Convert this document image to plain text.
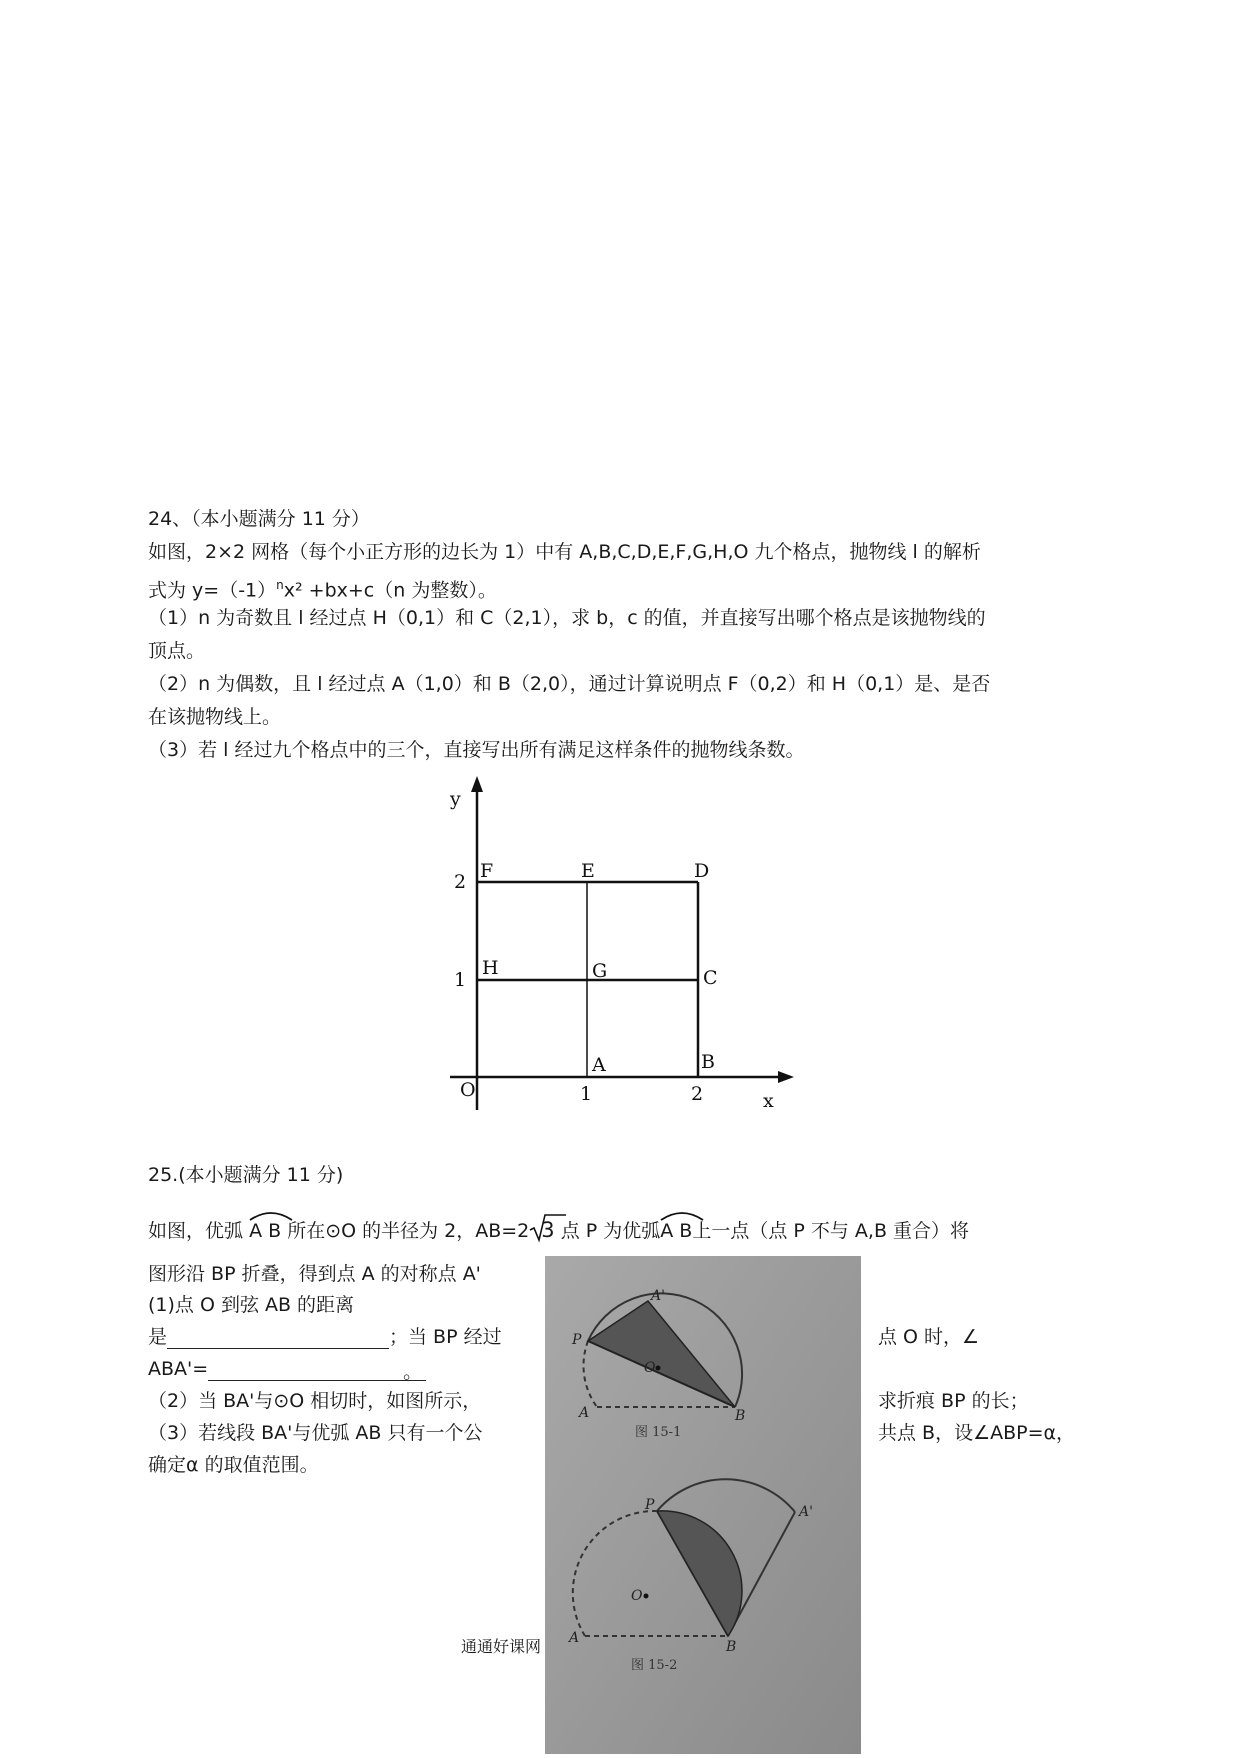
24、（本小题满分 11 分）
如图，2×2 网格（每个小正方形的边长为 1）中有 A,B,C,D,E,F,G,H,O 九个格点，抛物线 l 的解析
式为 $y=(-1)^nx^2 +bx+c(n$ 为整数）。
（1）n 为奇数且 l 经过点 H（0,1）和 C（2,1），求 b，c 的值，并直接写出哪个格点是该抛物线的
顶点。
（2）n 为偶数，且 l 经过点 A（1,0）和 B（2,0），通过计算说明点 F（0,2）和 H（0,1）是、是否
在该抛物线上。
（3）若 l 经过九个格点中的三个，直接写出所有满足这样条件的抛物线条数。
y
x
O
2
1
1	2
F	E	D
H	G	C
A	B
25.(本小题满分 11 分)
如图，优弧 A B 所在⊙O 的半径为 2，AB=2 3 点 P 为优弧
A B上一点（点 P 不与 A,B 重合）将
图形沿 BP 折叠，得到点 A 的对称点 A'
(1)点 O 到弦 AB 的距离
是	；当 BP 经过	点 O 时，∠
ABA'=	。
（2）当 BA'与⊙O 相切时，如图所示，	求折痕 BP 的长；
（3）若线段 BA'与优弧 AB 只有一个公	共点 B，设∠ABP=α，
确定α 的取值范围。
通通好课网
P
A'
O
A	B
图 15-1
P	A'
O
A
B
图 15-2
